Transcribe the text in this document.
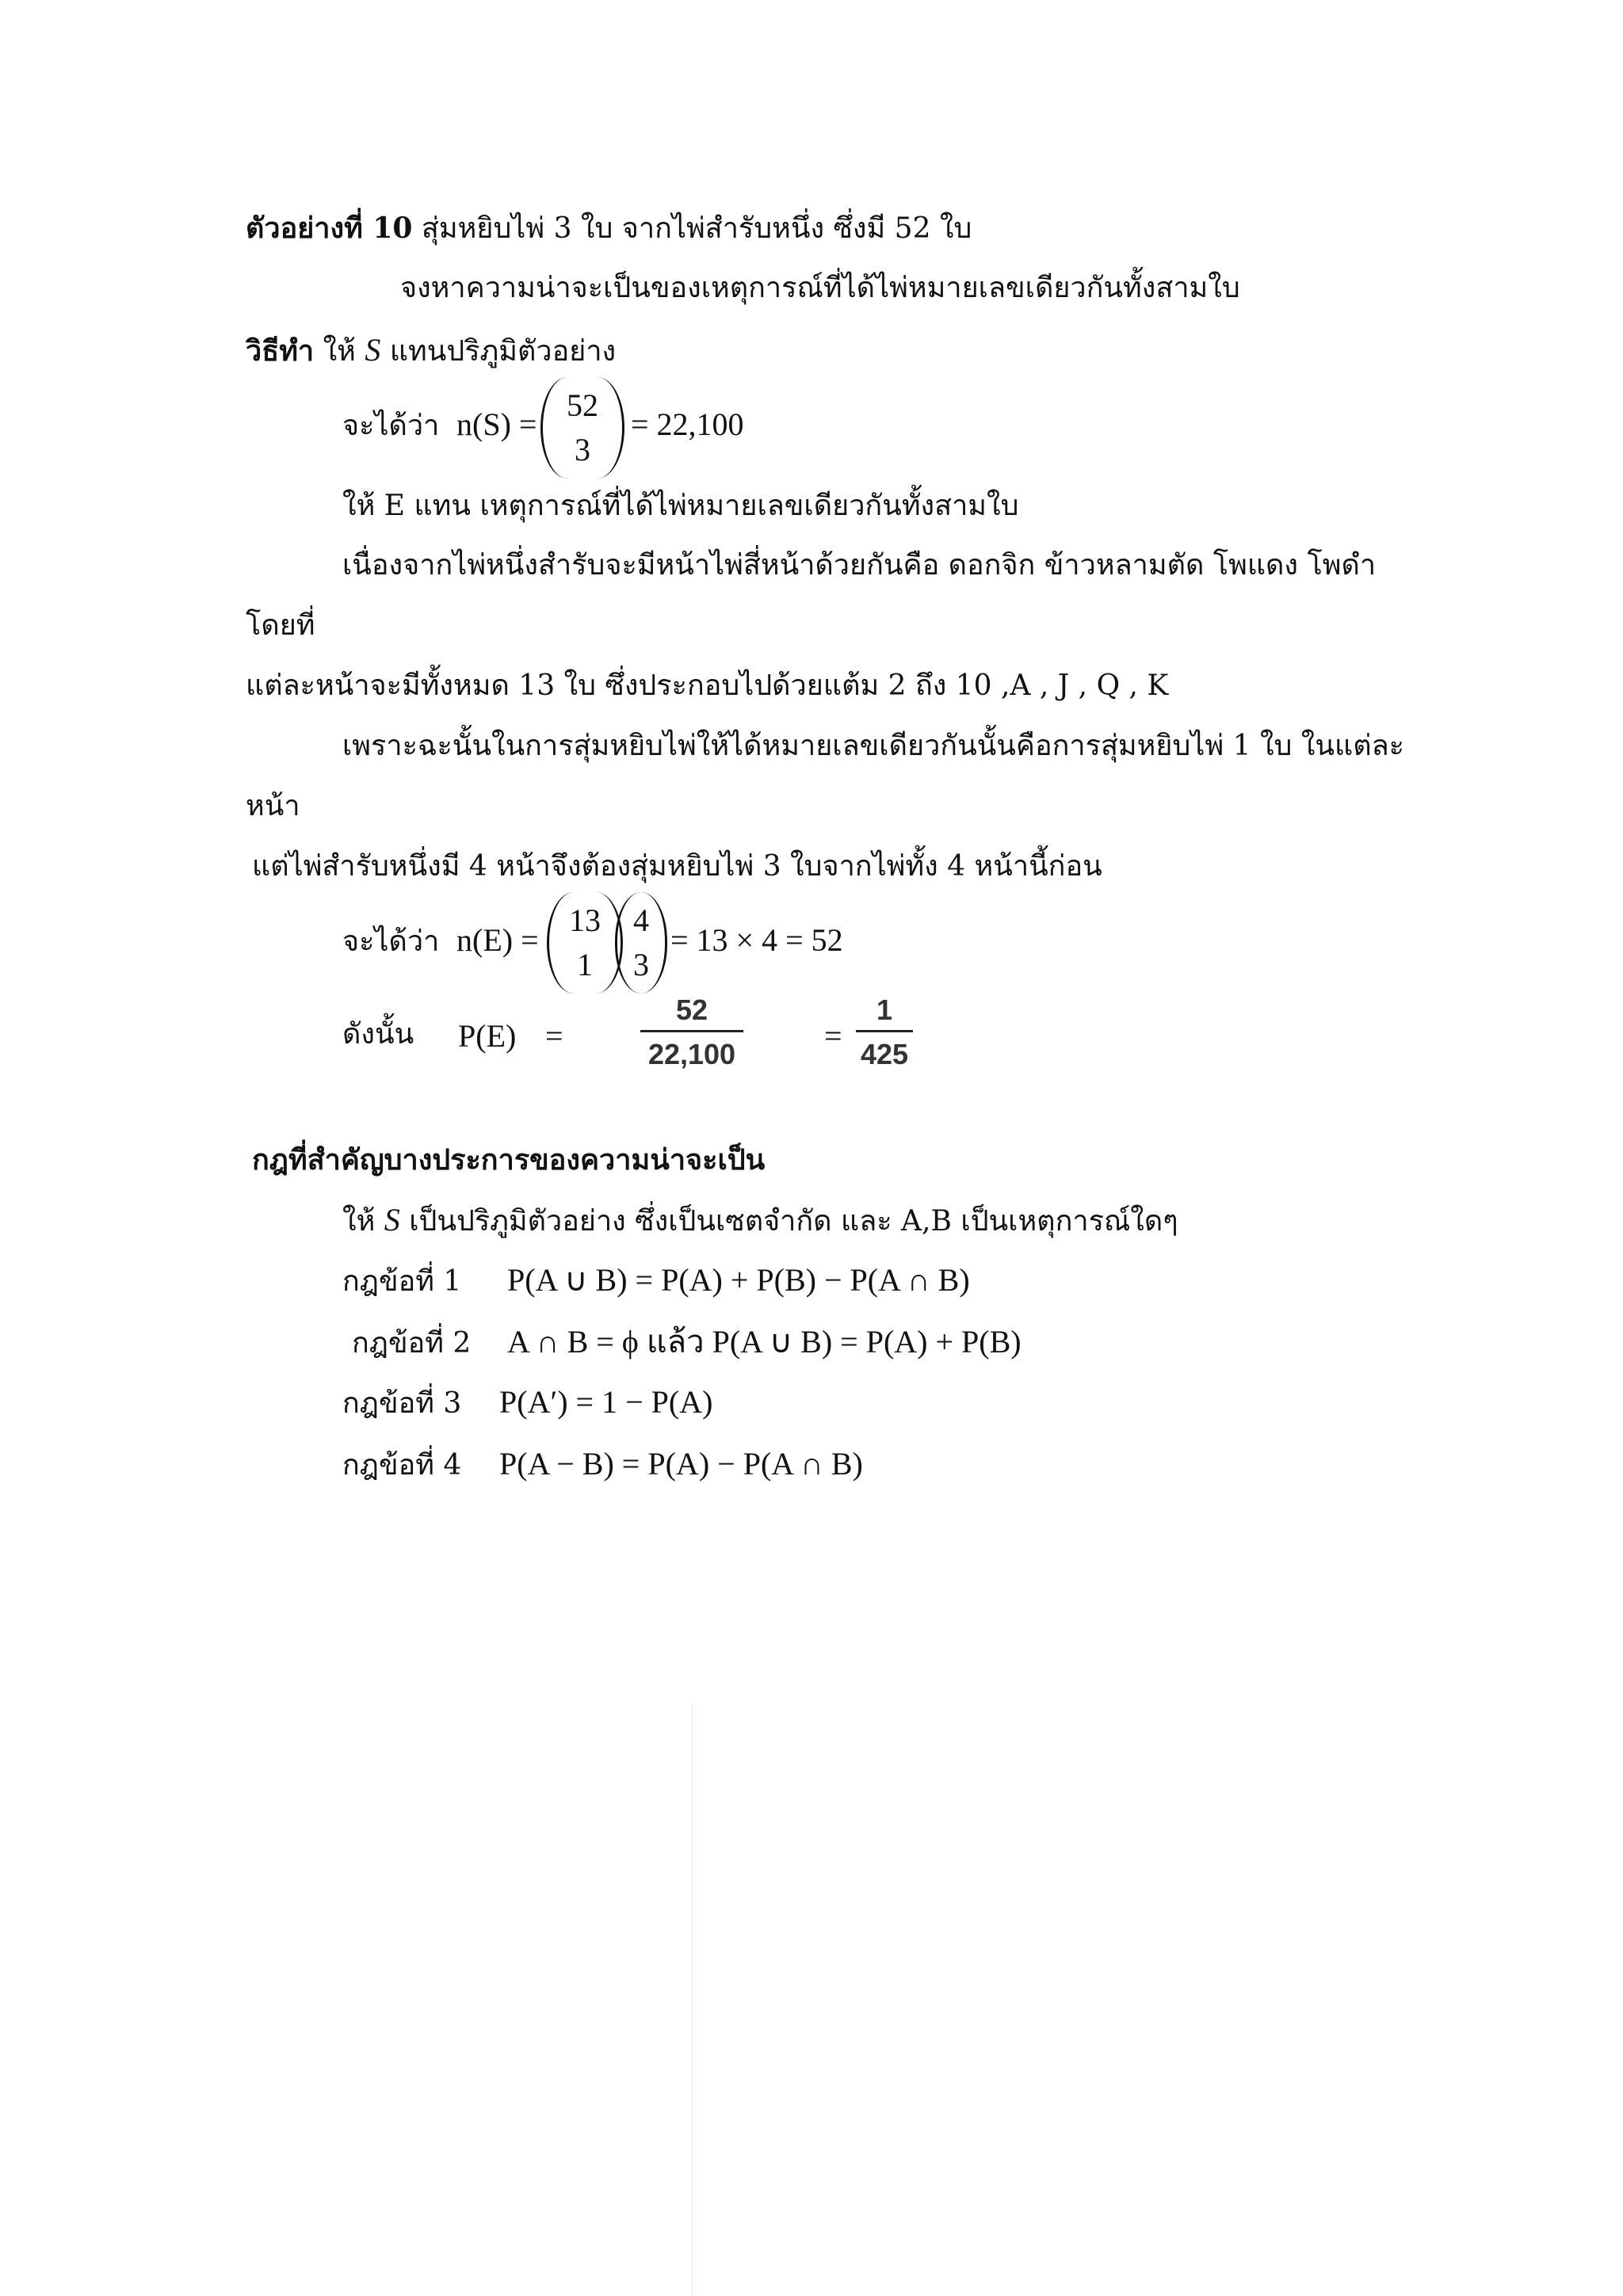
ตัวอย่างที่ 10 สุ่มหยิบไพ่ 3 ใบ จากไพ่สำรับหนึ่ง ซึ่งมี 52 ใบ
จงหาความน่าจะเป็นของเหตุการณ์ที่ได้ไพ่หมายเลขเดียวกันทั้งสามใบ
วิธีทำ ให้ S แทนปริภูมิตัวอย่าง
จะได้ว่า n(S) =
52
3
= 22,100
ให้ E แทน เหตุการณ์ที่ได้ไพ่หมายเลขเดียวกันทั้งสามใบ
เนื่องจากไพ่หนึ่งสำรับจะมีหน้าไพ่สี่หน้าด้วยกันคือ ดอกจิก ข้าวหลามตัด โพแดง โพดำ
โดยที่
แต่ละหน้าจะมีทั้งหมด 13 ใบ ซึ่งประกอบไปด้วยแต้ม 2 ถึง 10 ,A , J , Q , K
เพราะฉะนั้นในการสุ่มหยิบไพ่ให้ได้หมายเลขเดียวกันนั้นคือการสุ่มหยิบไพ่ 1 ใบ ในแต่ละ
หน้า
แต่ไพ่สำรับหนึ่งมี 4 หน้าจึงต้องสุ่มหยิบไพ่ 3 ใบจากไพ่ทั้ง 4 หน้านี้ก่อน
จะได้ว่า n(E) =
13
1
4
3
= 13 × 4 = 52
ดังนั้น P(E) =
52
22,100
=
1
425
กฎที่สำคัญบางประการของความน่าจะเป็น
ให้ S เป็นปริภูมิตัวอย่าง ซึ่งเป็นเซตจำกัด และ A,B เป็นเหตุการณ์ใดๆ
กฎข้อที่ 1 P(A ∪ B) = P(A) + P(B) − P(A ∩ B)
กฎข้อที่ 2 A ∩ B = ϕ แล้ว P(A ∪ B) = P(A) + P(B)
กฎข้อที่ 3 P(A′) = 1 − P(A)
กฎข้อที่ 4 P(A − B) = P(A) − P(A ∩ B)
